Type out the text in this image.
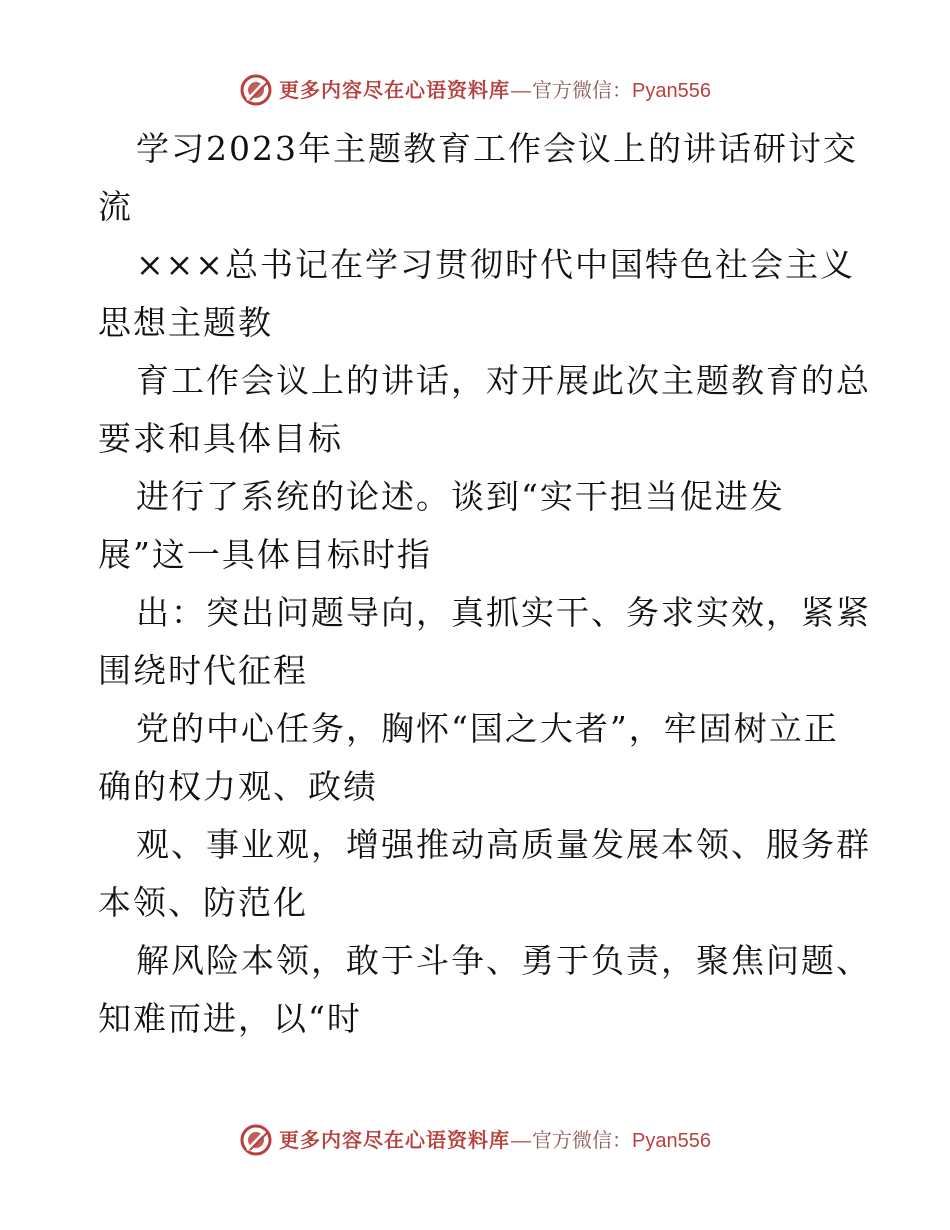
更多内容尽在心语资料库 — 官方微信： Pyan556
学习2023年主题教育工作会议上的讲话研讨交
流
×××总书记在学习贯彻时代中国特色社会主义
思想主题教
育工作会议上的讲话，对开展此次主题教育的总
要求和具体目标
进行了系统的论述。谈到“实干担当促进发
展”这一具体目标时指
出：突出问题导向，真抓实干、务求实效，紧紧
围绕时代征程
党的中心任务，胸怀“国之大者”，牢固树立正
确的权力观、政绩
观、事业观，增强推动高质量发展本领、服务群
本领、防范化
解风险本领，敢于斗争、勇于负责，聚焦问题、
知难而进，以“时
更多内容尽在心语资料库 — 官方微信： Pyan556
